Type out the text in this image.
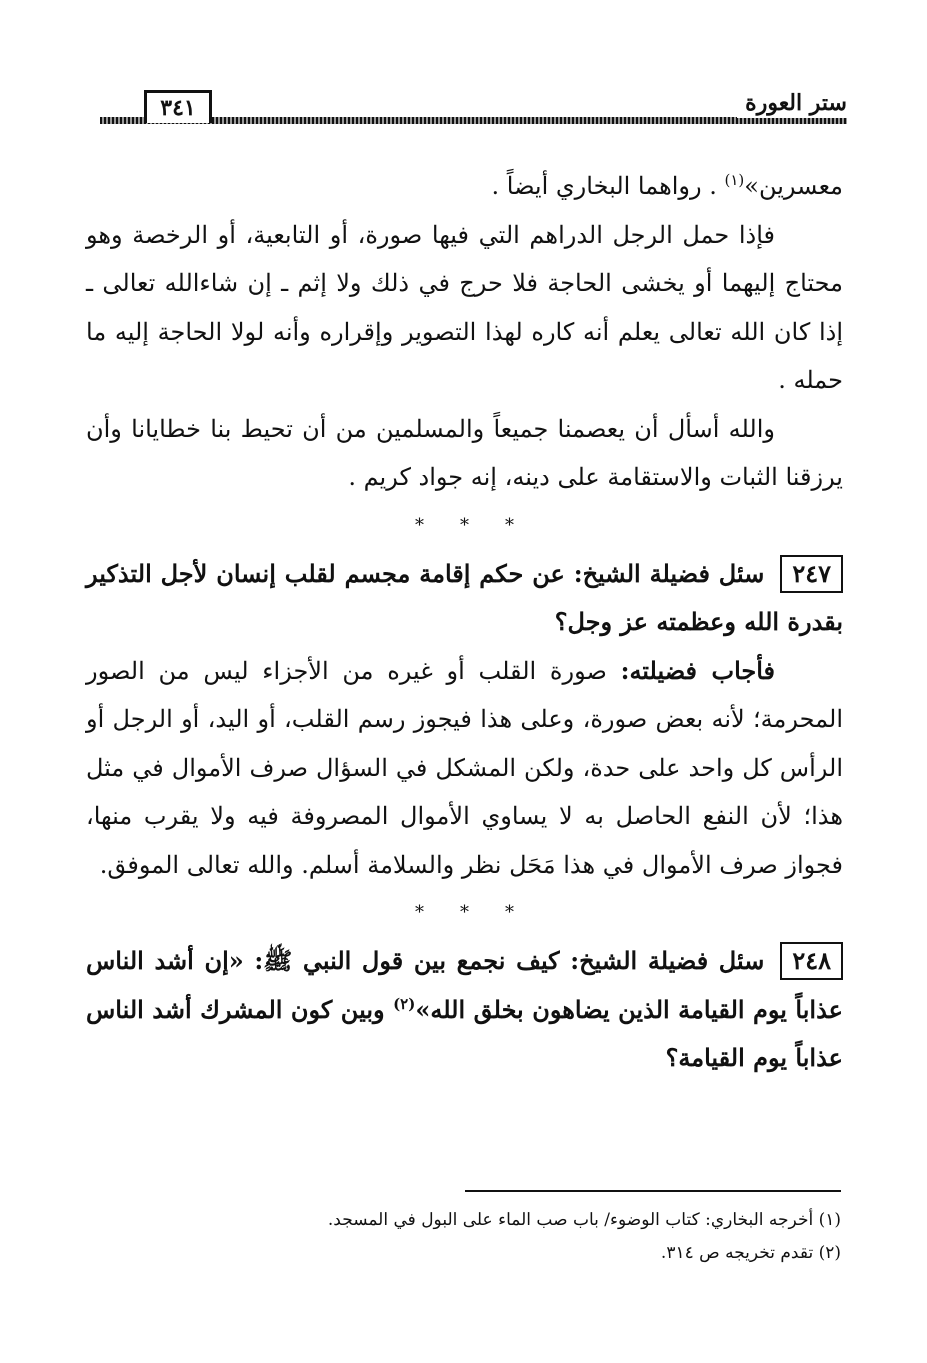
٣٤١	ستر العورة

معسرين»$^{(١)}$ . رواهما البخاري أيضاً .

فإذا حمل الرجل الدراهم التي فيها صورة، أو التابعية، أو الرخصة وهو محتاج إليهما أو يخشى الحاجة فلا حرج في ذلك ولا إثم ـ إن شاءالله تعالى ـ إذا كان الله تعالى يعلم أنه كاره لهذا التصوير وإقراره وأنه لولا الحاجة إليه ما حمله .

والله أسأل أن يعصمنا جميعاً والمسلمين من أن تحيط بنا خطايانا وأن يرزقنا الثبات والاستقامة على دينه، إنه جواد كريم .

* * *

٢٤٧سئل فضيلة الشيخ: عن حكم إقامة مجسم لقلب إنسان لأجل التذكير بقدرة الله وعظمته عز وجل؟

فأجاب فضيلته: صورة القلب أو غيره من الأجزاء ليس من الصور المحرمة؛ لأنه بعض صورة، وعلى هذا فيجوز رسم القلب، أو اليد، أو الرجل أو الرأس كل واحد على حدة، ولكن المشكل في السؤال صرف الأموال في مثل هذا؛ لأن النفع الحاصل به لا يساوي الأموال المصروفة فيه ولا يقرب منها، فجواز صرف الأموال في هذا مَحَل نظر والسلامة أسلم. والله تعالى الموفق.

* * *

٢٤٨سئل فضيلة الشيخ: كيف نجمع بين قول النبي ﷺ: «إن أشد الناس عذاباً يوم القيامة الذين يضاهون بخلق الله»$^{(٢)}$ وبين كون المشرك أشد الناس عذاباً يوم القيامة؟

(١) أخرجه البخاري: كتاب الوضوء/ باب صب الماء على البول في المسجد.

(٢) تقدم تخريجه ص ٣١٤.
